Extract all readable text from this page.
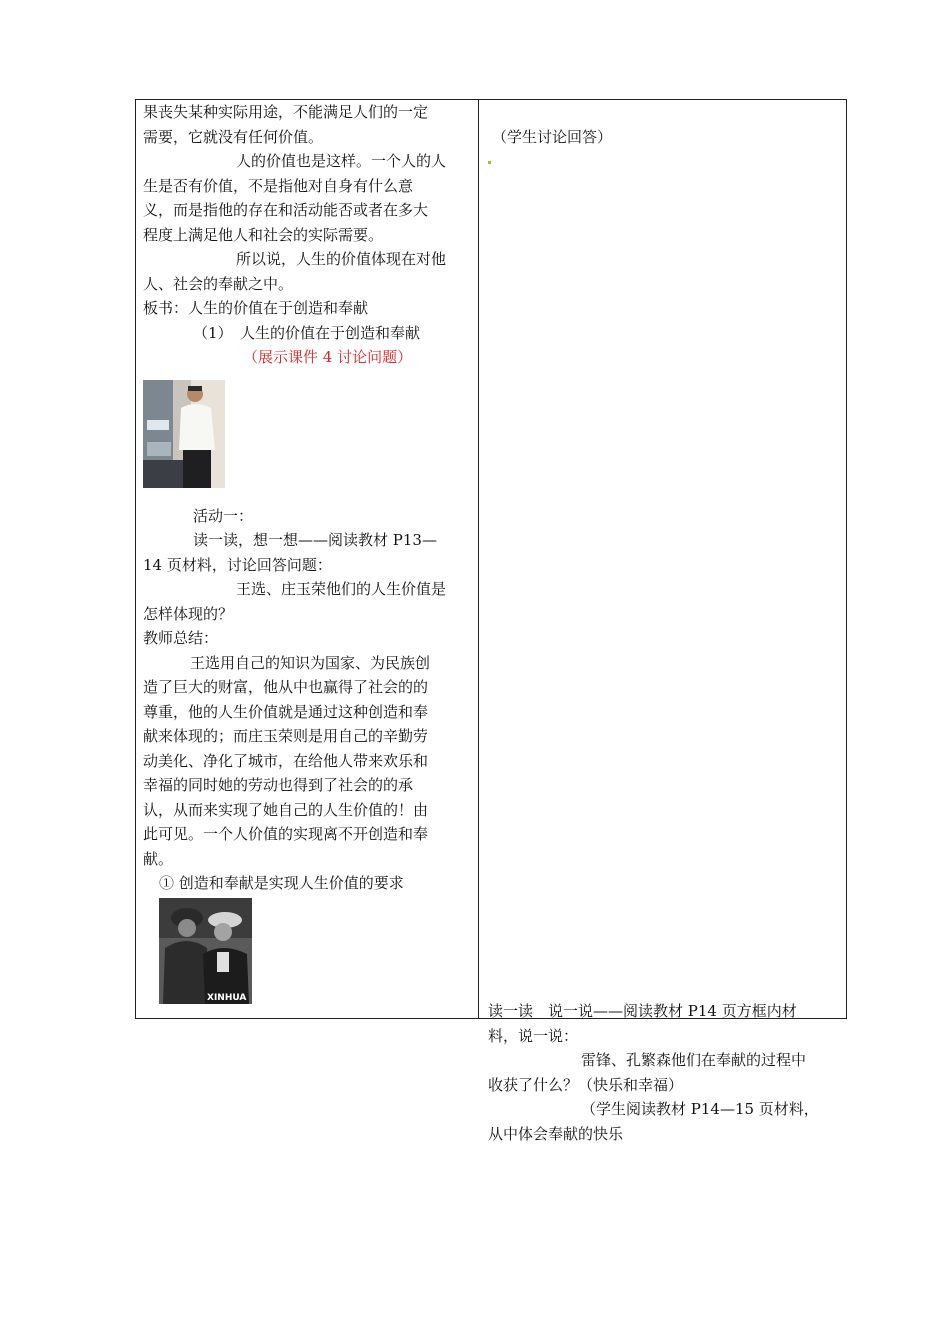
果丧失某种实际用途，不能满足人们的一定
需要，它就没有任何价值。
人的价值也是这样。一个人的人
生是否有价值，不是指他对自身有什么意
义，而是指他的存在和活动能否或者在多大
程度上满足他人和社会的实际需要。
所以说，人生的价值体现在对他
人、社会的奉献之中。
板书：人生的价值在于创造和奉献
（1）　人生的价值在于创造和奉献
（展示课件 4 讨论问题）
活动一：
读一读，想一想——阅读教材 P13—
14 页材料，讨论回答问题：
王选、庄玉荣他们的人生价值是
怎样体现的？
教师总结：
王选用自己的知识为国家、为民族创
造了巨大的财富，他从中也赢得了社会的的
尊重，他的人生价值就是通过这种创造和奉
献来体现的；而庄玉荣则是用自己的辛勤劳
动美化、净化了城市，在给他人带来欢乐和
幸福的同时她的劳动也得到了社会的的承
认，从而来实现了她自己的人生价值的！由
此可见。一个人价值的实现离不开创造和奉
献。
① 创造和奉献是实现人生价值的要求
XINHUA
（学生讨论回答）
读一读　说一说——阅读教材 P14 页方框内材
料，说一说：
雷锋、孔繁森他们在奉献的过程中
收获了什么？（快乐和幸福）
（学生阅读教材 P14—15 页材料，
从中体会奉献的快乐
